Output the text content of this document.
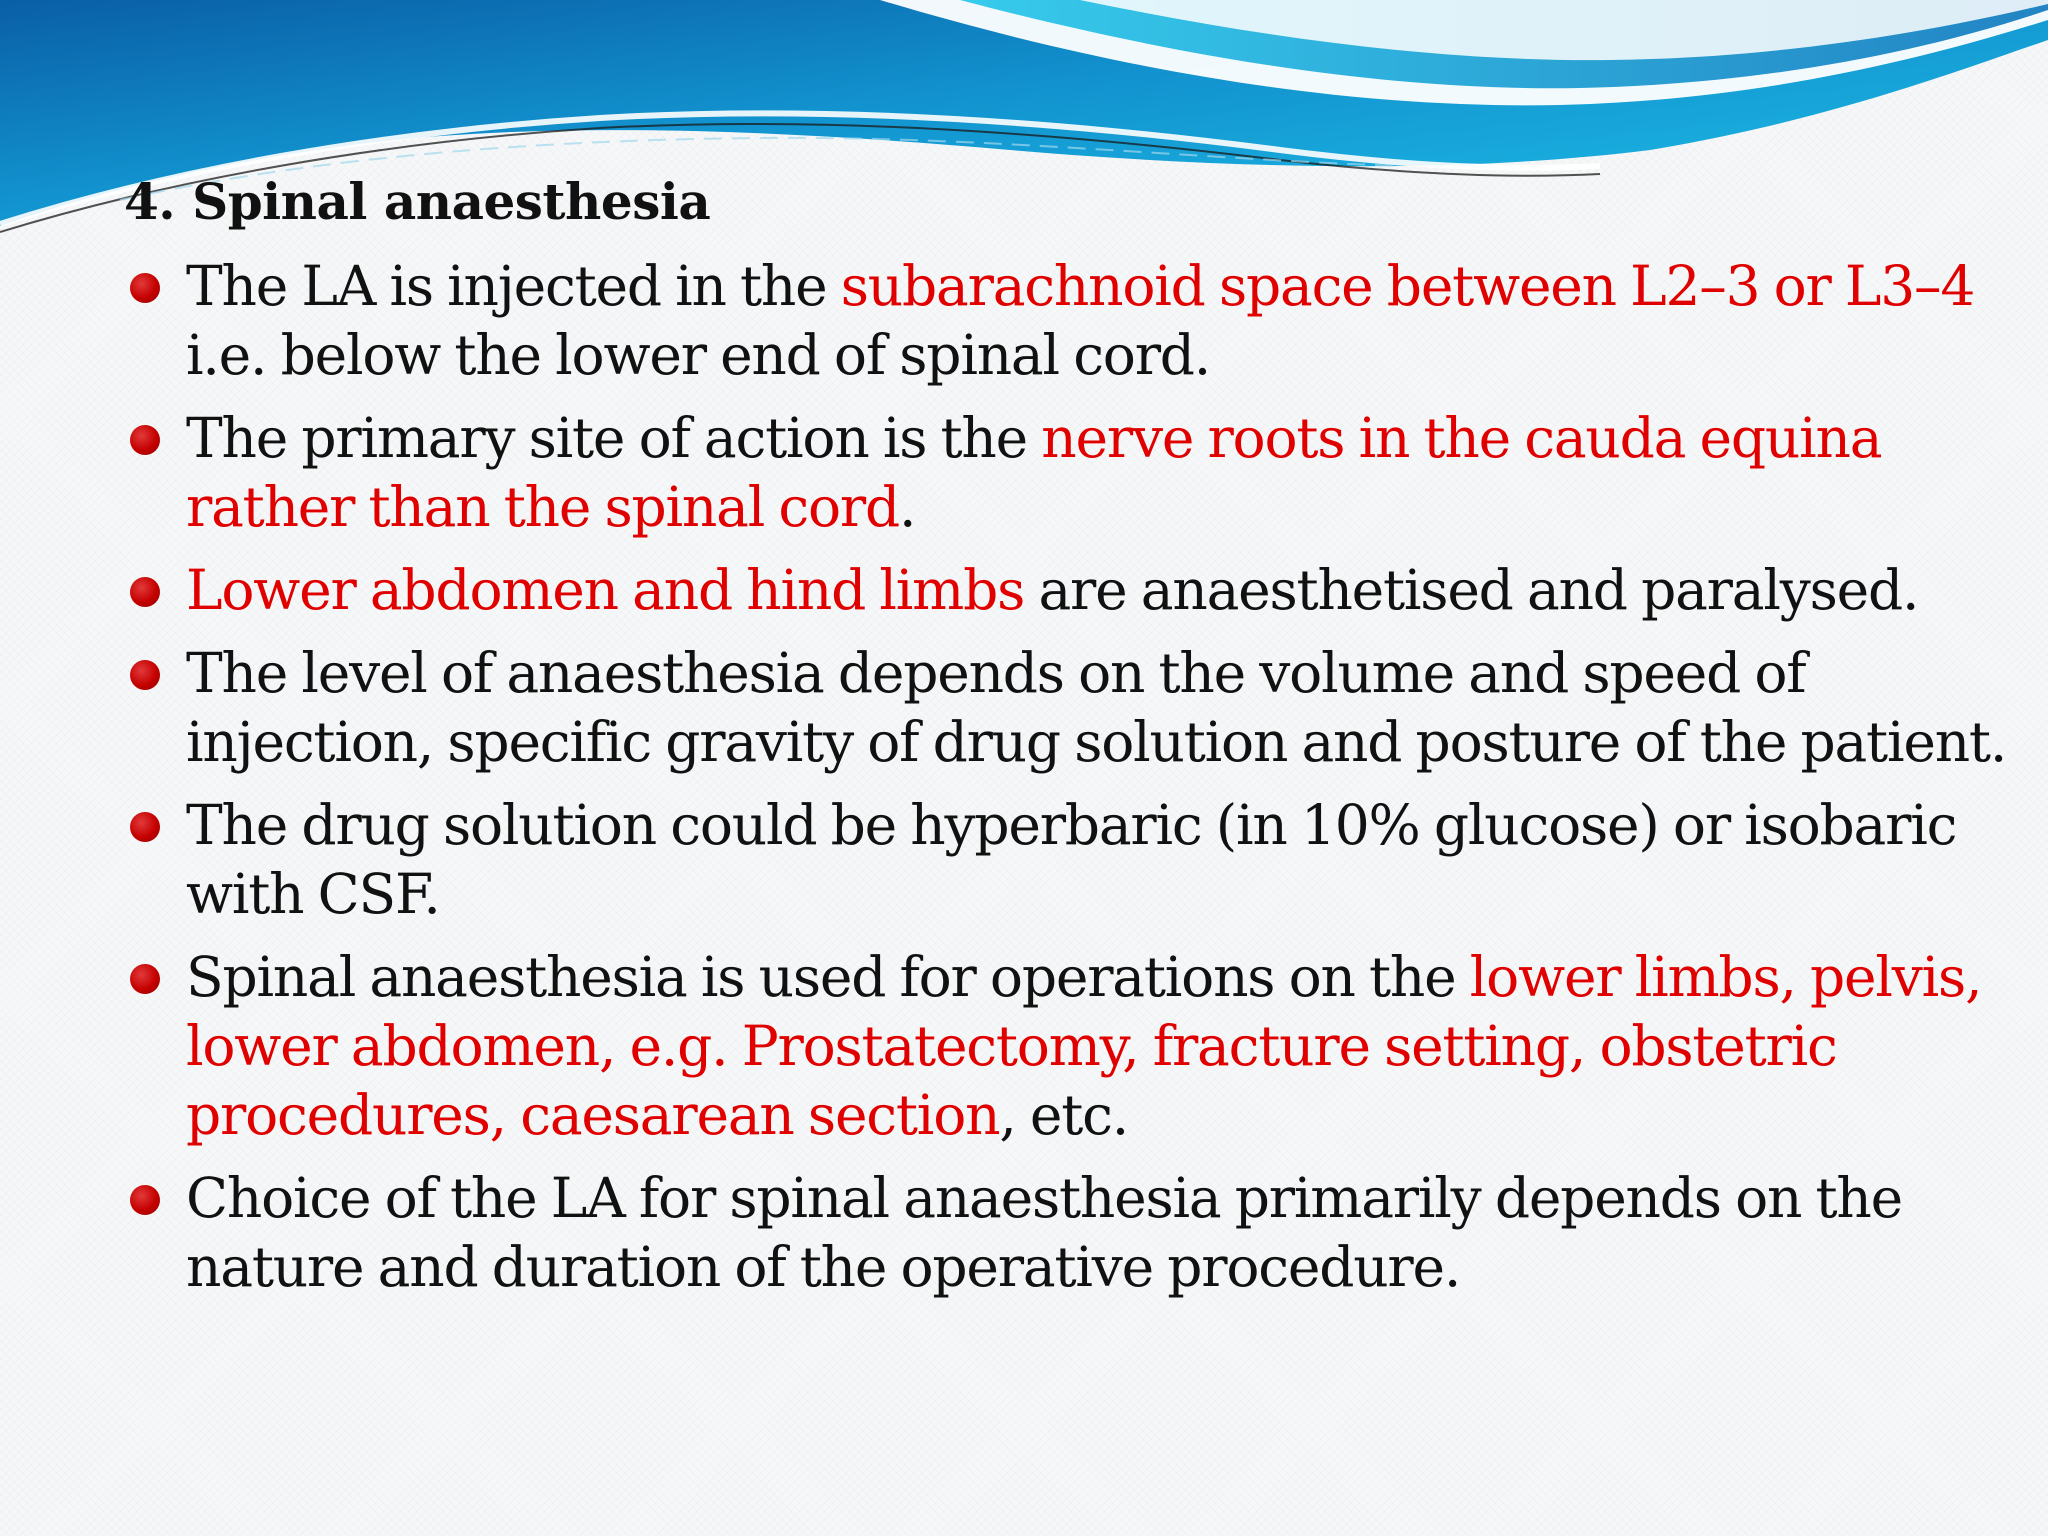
4. Spinal anaesthesia
The LA is injected in the subarachnoid space between L2–3 or L3–4 i.e. below the lower end of spinal cord.
The primary site of action is the nerve roots in the cauda equina rather than the spinal cord.
Lower abdomen and hind limbs are anaesthetised and paralysed.
The level of anaesthesia depends on the volume and speed of injection, specific gravity of drug solution and posture of the patient.
The drug solution could be hyperbaric (in 10% glucose) or isobaric with CSF.
Spinal anaesthesia is used for operations on the lower limbs, pelvis, lower abdomen, e.g. Prostatectomy, fracture setting, obstetric procedures, caesarean section, etc.
Choice of the LA for spinal anaesthesia primarily depends on the nature and duration of the operative procedure.
